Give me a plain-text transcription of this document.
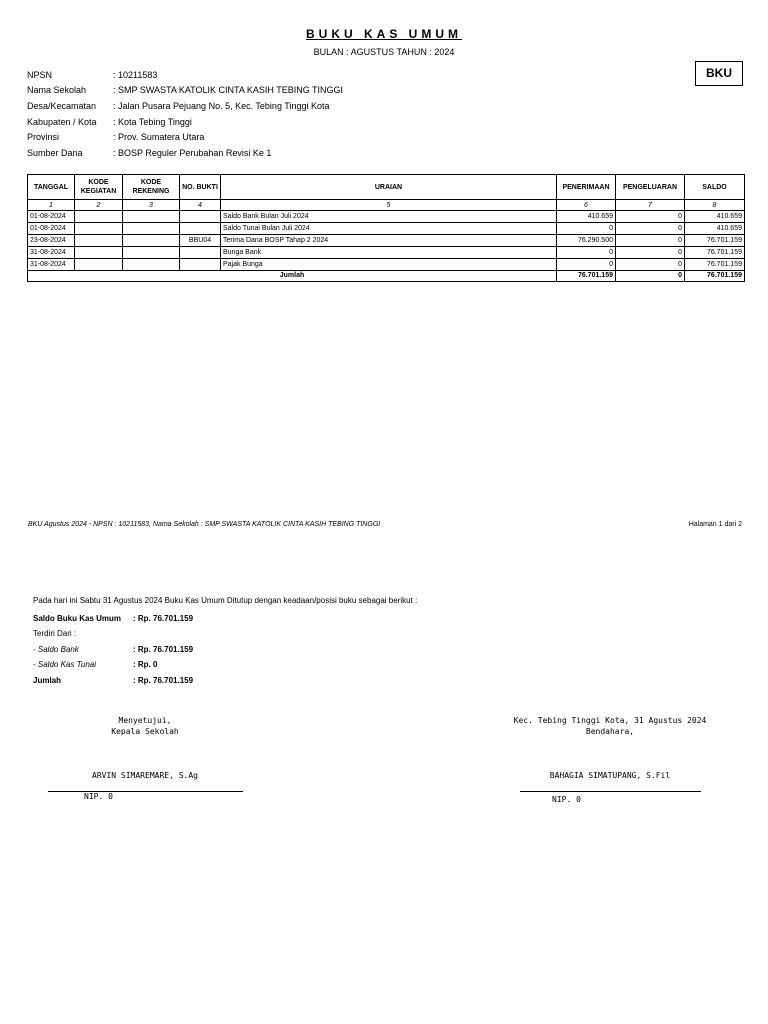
BUKU KAS UMUM
BULAN : AGUSTUS TAHUN : 2024
BKU
NPSN	: 10211583
Nama Sekolah	: SMP SWASTA KATOLIK CINTA KASIH TEBING TINGGI
Desa/Kecamatan	: Jalan Pusara Pejuang No. 5, Kec. Tebing Tinggi Kota
Kabupaten / Kota	: Kota Tebing Tinggi
Provinsi	: Prov. Sumatera Utara
Sumber Dana	: BOSP Reguler Perubahan Revisi Ke 1
TANGGAL	KODE KEGIATAN	KODE REKENING	NO. BUKTI	URAIAN	PENERIMAAN	PENGELUARAN	SALDO
1	2	3	4	5	6	7	8
01-08-2024				Saldo Bank Bulan Juli 2024	410.659	0	410.659
01-08-2024				Saldo Tunai Bulan Juli 2024	0	0	410.659
23-08-2024			BBU04	Terima Dana BOSP Tahap 2 2024	76.290.500	0	76.701.159
31-08-2024				Bunga Bank	0	0	76.701.159
31-08-2024				Pajak Bunga	0	0	76.701.159
Jumlah					76.701.159	0	76.701.159
BKU Agustus 2024 - NPSN : 10211583, Nama Sekolah : SMP SWASTA KATOLIK CINTA KASIH TEBING TINGGI	Halaman 1 dari 2
Pada hari ini Sabtu 31 Agustus 2024 Buku Kas Umum Ditutup dengan keadaan/posisi buku sebagai berikut :
Saldo Buku Kas Umum : Rp. 76.701.159
Terdiri Dari :
- Saldo Bank	: Rp. 76.701.159
- Saldo Kas Tunai	: Rp. 0
Jumlah	: Rp. 76.701.159
Menyetujui,
Kepala Sekolah
ARVIN SIMAREMARE, S.Ag
NIP. 0
Kec. Tebing Tinggi Kota, 31 Agustus 2024
Bendahara,
BAHAGIA SIMATUPANG, S.Fil
NIP. 0
